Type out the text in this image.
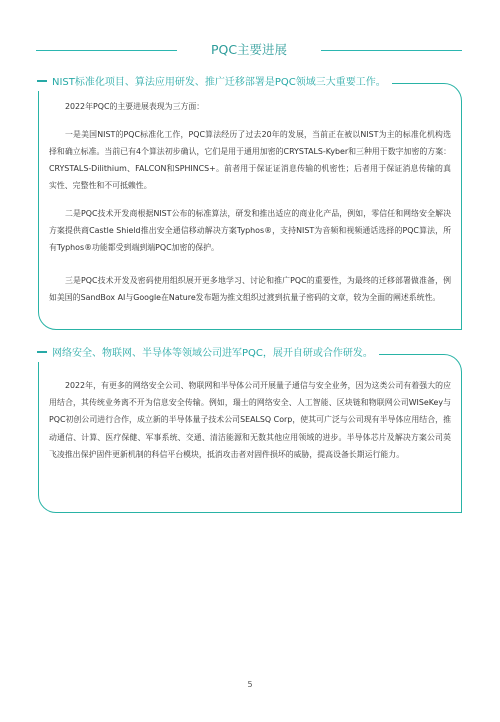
PQC主要进展
NIST标准化项目、算法应用研发、推广迁移部署是PQC领域三大重要工作。
2022年PQC的主要进展表现为三方面：
一是美国NIST的PQC标准化工作，PQC算法经历了过去20年的发展，当前正在被以NIST为主的标准化机构选择和确立标准。当前已有4个算法初步确认，它们是用于通用加密的CRYSTALS-Kyber和三种用于数字加密的方案：CRYSTALS-Dilithium、FALCON和SPHINCS+。前者用于保证证消息传输的机密性；后者用于保证消息传输的真实性、完整性和不可抵赖性。
二是PQC技术开发商根据NIST公布的标准算法，研发和推出适应的商业化产品，例如，零信任和网络安全解决方案提供商Castle Shield推出安全通信移动解决方案Typhos®，支持NIST为音频和视频通话选择的PQC算法，所有Typhos®功能都受到端到端PQC加密的保护。
三是PQC技术开发及密码使用组织展开更多地学习、讨论和推广PQC的重要性，为最终的迁移部署做准备，例如美国的SandBox AI与Google在Nature发布题为推文组织过渡到抗量子密码的文章，较为全面的阐述系统性。
网络安全、物联网、半导体等领域公司进军PQC，展开自研或合作研发。
2022年，有更多的网络安全公司、物联网和半导体公司开展量子通信与安全业务，因为这类公司有着强大的应用结合，其传统业务离不开为信息安全传输。例如，瑞士的网络安全、人工智能、区块链和物联网公司WISeKey与PQC初创公司进行合作，成立新的半导体量子技术公司SEALSQ Corp，使其可广泛与公司现有半导体应用结合，推动通信、计算、医疗保健、军事系统、交通、清洁能源和无数其他应用领域的进步。半导体芯片及解决方案公司英飞凌推出保护固件更新机制的科信平台模块，抵消攻击者对固件损坏的威胁，提高设备长期运行能力。
5
